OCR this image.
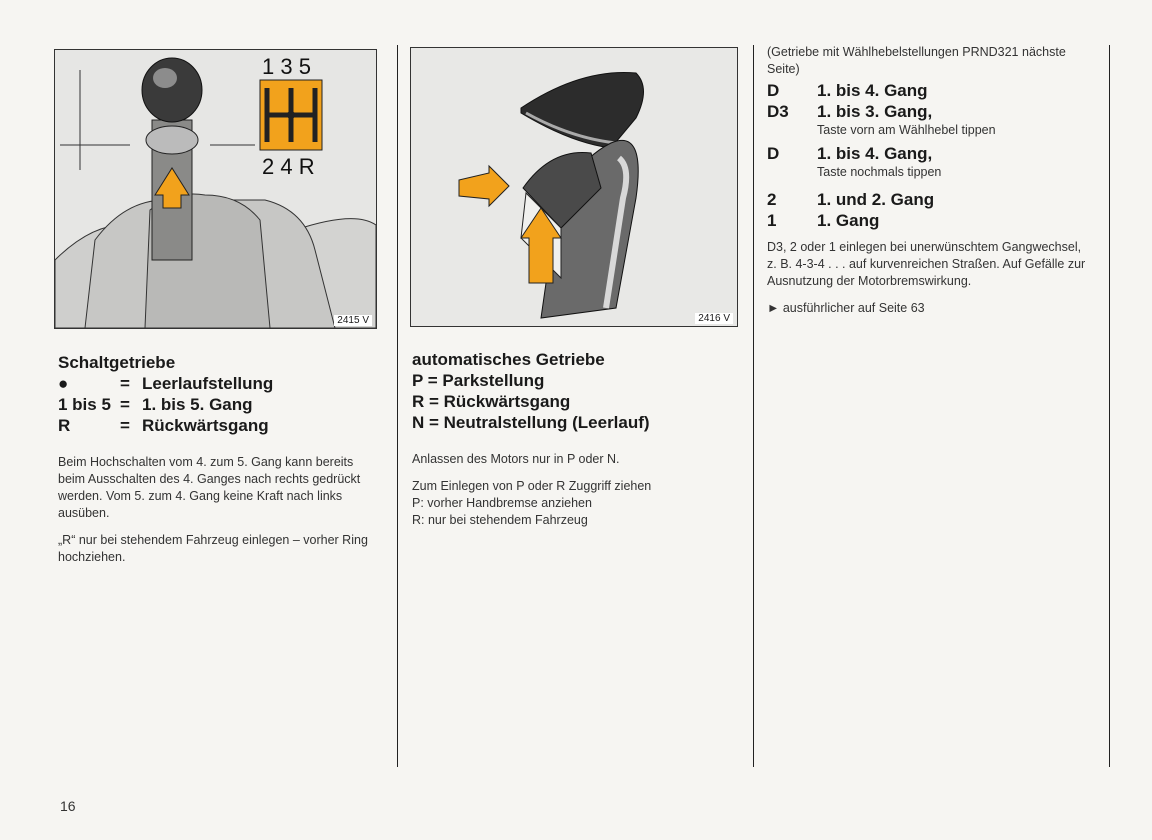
1 3 5
2 4 R
2415 V	2416 V
Schaltgetriebe
●	= Leerlaufstellung
1 bis 5 = 1. bis 5. Gang
R	= Rückwärtsgang

Beim Hochschalten vom 4. zum 5. Gang kann bereits beim Ausschalten des 4. Ganges nach rechts gedrückt werden. Vom 5. zum 4. Gang keine Kraft nach links ausüben.

„R“ nur bei stehendem Fahrzeug einlegen – vorher Ring hochziehen.

automatisches Getriebe
P = Parkstellung
R = Rückwärtsgang
N = Neutralstellung (Leerlauf)

Anlassen des Motors nur in P oder N.

Zum Einlegen von P oder R Zuggriff ziehen
P: vorher Handbremse anziehen
R: nur bei stehendem Fahrzeug

(Getriebe mit Wählhebelstellungen PRND321 nächste Seite)

D	1. bis 4. Gang
D3	1. bis 3. Gang,
Taste vorn am Wählhebel tippen
D	1. bis 4. Gang,
Taste nochmals tippen
2	1. und 2. Gang
1	1. Gang

D3, 2 oder 1 einlegen bei unerwünschtem Gangwechsel, z. B. 4-3-4 . . . auf kurvenreichen Straßen. Auf Gefälle zur Ausnutzung der Motorbremswirkung.

► ausführlicher auf Seite 63

16
